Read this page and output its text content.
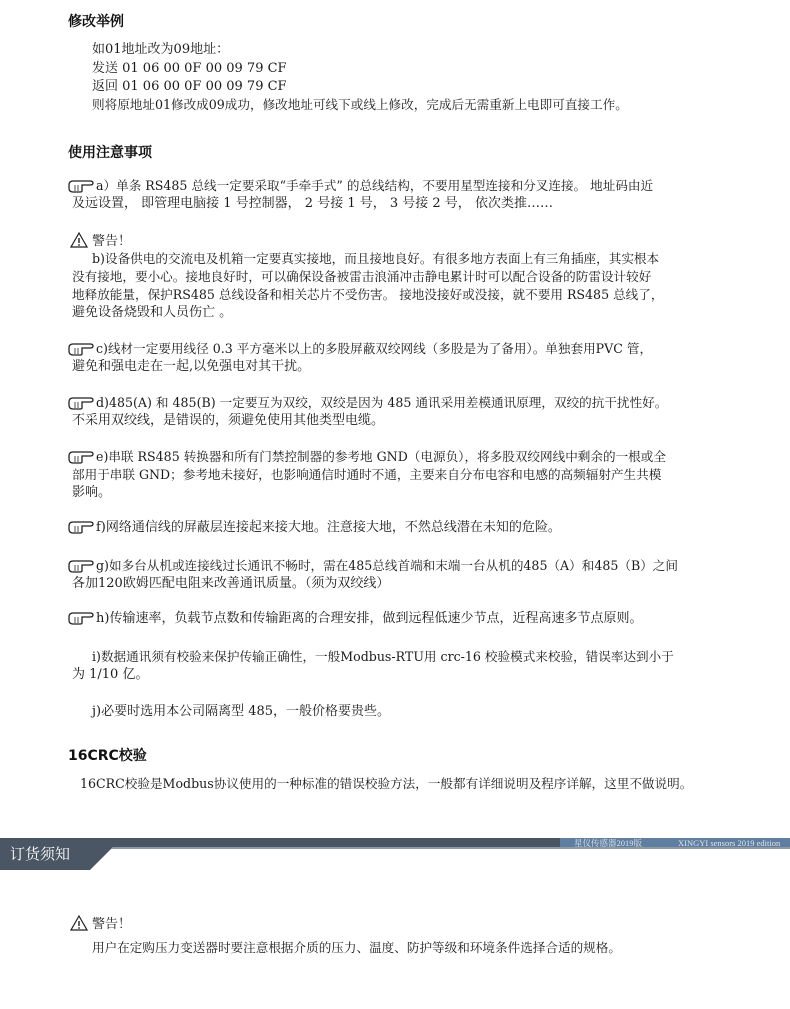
修改举例
如01地址改为09地址：
发送 01 06 00 0F 00 09 79 CF
返回 01 06 00 0F 00 09 79 CF
则将原地址01修改成09成功，修改地址可线下或线上修改，完成后无需重新上电即可直接工作。
使用注意事项
a）单条 RS485 总线一定要采取“手牵手式” 的总线结构，不要用星型连接和分叉连接。 地址码由近
及远设置， 即管理电脑接 1 号控制器， 2 号接 1 号， 3 号接 2 号， 依次类推……
警告！
b)设备供电的交流电及机箱一定要真实接地，而且接地良好。有很多地方表面上有三角插座，其实根本
没有接地，要小心。接地良好时，可以确保设备被雷击浪涌冲击静电累计时可以配合设备的防雷设计较好
地释放能量，保护RS485 总线设备和相关芯片不受伤害。 接地没接好或没接，就不要用 RS485 总线了，
避免设备烧毁和人员伤亡 。
c)线材一定要用线径 0.3 平方毫米以上的多股屏蔽双绞网线（多股是为了备用）。单独套用PVC 管，
避免和强电走在一起,以免强电对其干扰。
d)485(A) 和 485(B) 一定要互为双绞，双绞是因为 485 通讯采用差模通讯原理，双绞的抗干扰性好。
不采用双绞线，是错误的，须避免使用其他类型电缆。
e)串联 RS485 转换器和所有门禁控制器的参考地 GND（电源负），将多股双绞网线中剩余的一根或全
部用于串联 GND；参考地未接好，也影响通信时通时不通，主要来自分布电容和电感的高频辐射产生共模
影响。
f)网络通信线的屏蔽层连接起来接大地。注意接大地，不然总线潜在未知的危险。
g)如多台从机或连接线过长通讯不畅时，需在485总线首端和末端一台从机的485（A）和485（B）之间
各加120欧姆匹配电阻来改善通讯质量。（须为双绞线）
h)传输速率，负载节点数和传输距离的合理安排，做到远程低速少节点，近程高速多节点原则。
i)数据通讯须有校验来保护传输正确性，一般Modbus-RTU用 crc-16 校验模式来校验，错误率达到小于
为 1/10 亿。
j)必要时选用本公司隔离型 485，一般价格要贵些。
16CRC校验
16CRC校验是Modbus协议使用的一种标准的错误校验方法，一般都有详细说明及程序详解，这里不做说明。
订货须知
星仪传感器2019版	XINGYI sensors 2019 edition
警告！
用户在定购压力变送器时要注意根据介质的压力、温度、防护等级和环境条件选择合适的规格。
